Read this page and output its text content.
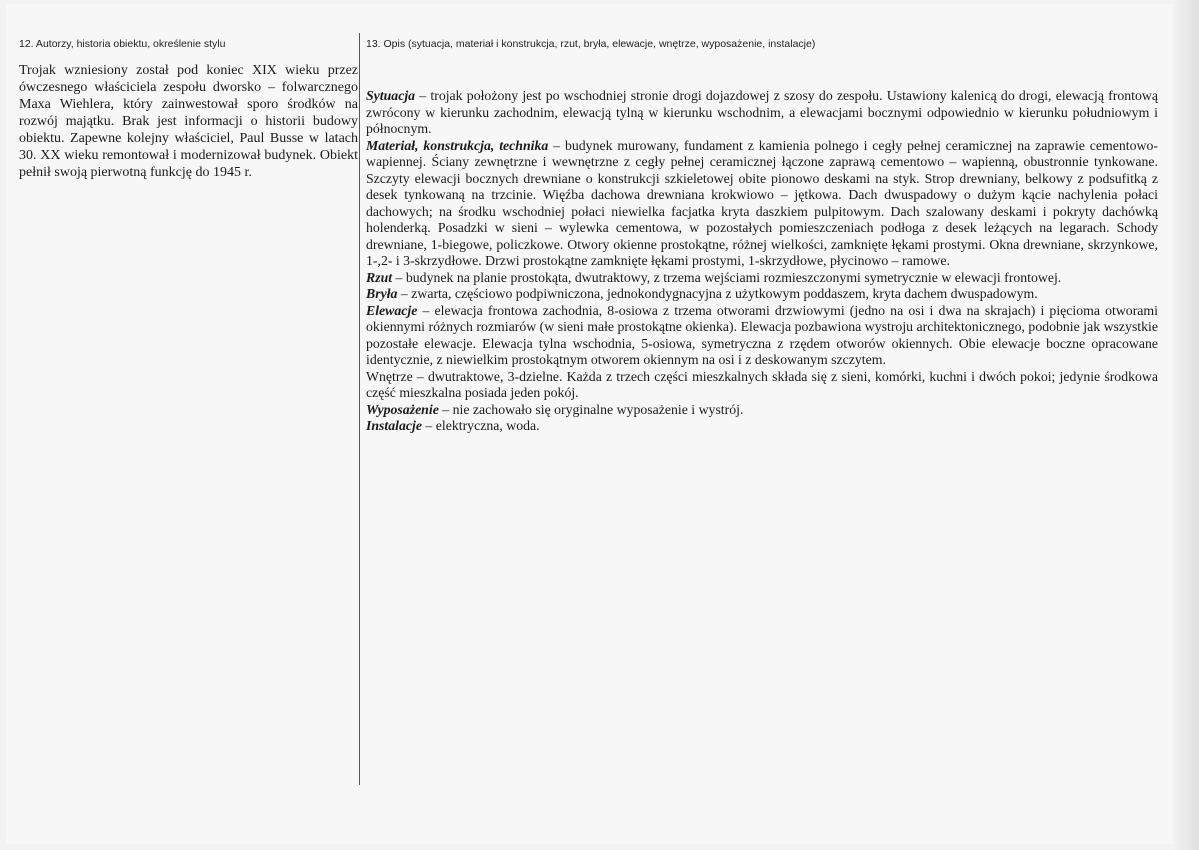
12. Autorzy, historia obiektu, określenie stylu	13. Opis (sytuacja, materiał i konstrukcja, rzut, bryła, elewacje, wnętrze, wyposażenie, instalacje)
Trojak wzniesiony został pod koniec XIX wieku przez ówczesnego właściciela zespołu dworsko – folwarcznego Maxa Wiehlera, który zainwestował sporo środków na rozwój majątku. Brak jest informacji o historii budowy obiektu. Zapewne kolejny właściciel, Paul Busse w latach 30. XX wieku remontował i modernizował budynek. Obiekt pełnił swoją pierwotną funkcję do 1945 r.

Sytuacja – trojak położony jest po wschodniej stronie drogi dojazdowej z szosy do zespołu. Ustawiony kalenicą do drogi, elewacją frontową zwrócony w kierunku zachodnim, elewacją tylną w kierunku wschodnim, a elewacjami bocznymi odpowiednio w kierunku południowym i północnym.

Materiał, konstrukcja, technika – budynek murowany, fundament z kamienia polnego i cegły pełnej ceramicznej na zaprawie cementowo-wapiennej. Ściany zewnętrzne i wewnętrzne z cegły pełnej ceramicznej łączone zaprawą cementowo – wapienną, obustronnie tynkowane. Szczyty elewacji bocznych drewniane o konstrukcji szkieletowej obite pionowo deskami na styk. Strop drewniany, belkowy z podsufitką z desek tynkowaną na trzcinie. Więźba dachowa drewniana krokwiowo – jętkowa. Dach dwuspadowy o dużym kącie nachylenia połaci dachowych; na środku wschodniej połaci niewielka facjatka kryta daszkiem pulpitowym. Dach szalowany deskami i pokryty dachówką holenderką. Posadzki w sieni – wylewka cementowa, w pozostałych pomieszczeniach podłoga z desek leżących na legarach. Schody drewniane, 1-biegowe, policzkowe. Otwory okienne prostokątne, różnej wielkości, zamknięte łękami prostymi. Okna drewniane, skrzynkowe, 1-,2- i 3-skrzydłowe. Drzwi prostokątne zamknięte łękami prostymi, 1-skrzydłowe, płycinowo – ramowe.

Rzut – budynek na planie prostokąta, dwutraktowy, z trzema wejściami rozmieszczonymi symetrycznie w elewacji frontowej.

Bryła – zwarta, częściowo podpiwniczona, jednokondygnacyjna z użytkowym poddaszem, kryta dachem dwuspadowym.

Elewacje – elewacja frontowa zachodnia, 8-osiowa z trzema otworami drzwiowymi (jedno na osi i dwa na skrajach) i pięcioma otworami okiennymi różnych rozmiarów (w sieni małe prostokątne okienka). Elewacja pozbawiona wystroju architektonicznego, podobnie jak wszystkie pozostałe elewacje. Elewacja tylna wschodnia, 5-osiowa, symetryczna z rzędem otworów okiennych. Obie elewacje boczne opracowane identycznie, z niewielkim prostokątnym otworem okiennym na osi i z deskowanym szczytem.

Wnętrze – dwutraktowe, 3-dzielne. Każda z trzech części mieszkalnych składa się z sieni, komórki, kuchni i dwóch pokoi; jedynie środkowa część mieszkalna posiada jeden pokój.

Wyposażenie – nie zachowało się oryginalne wyposażenie i wystrój.

Instalacje – elektryczna, woda.
